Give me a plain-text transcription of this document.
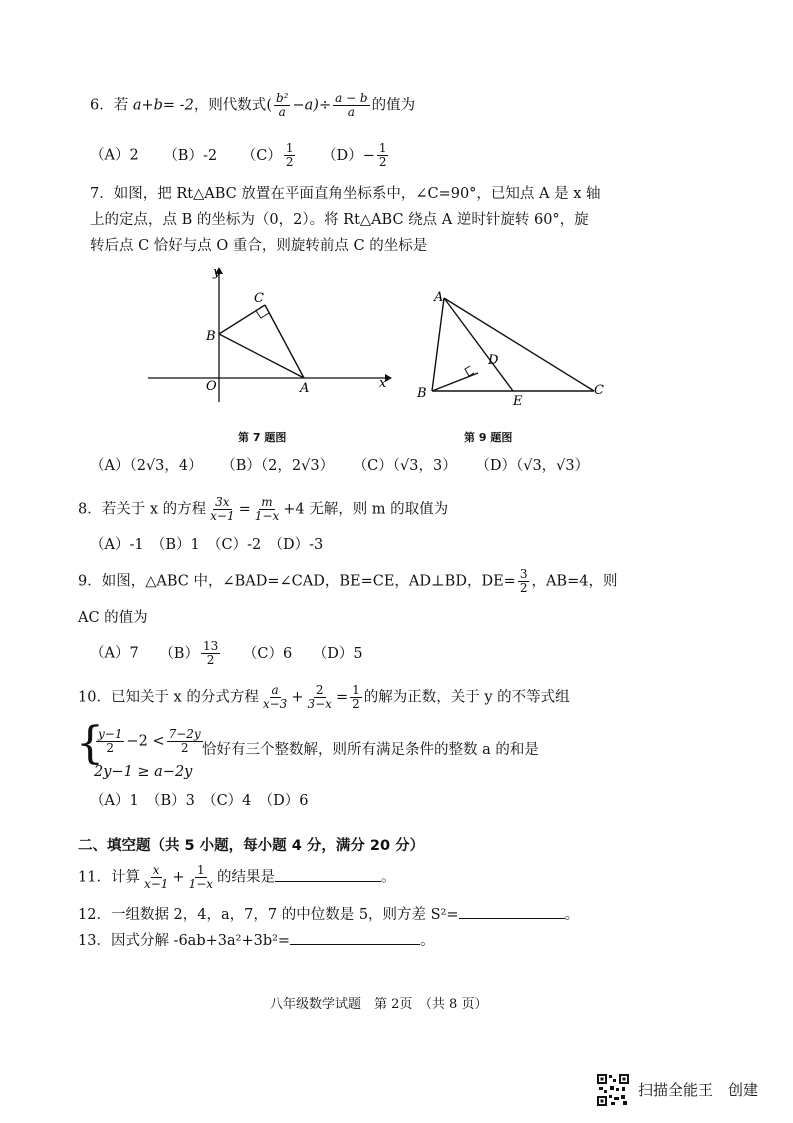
6．若 a+b= -2，则代数式( $\frac{\text{b²}}{a} -a)\div \frac{a - b}{a}$ 的值为
（A）2 （B）-2 $(C) \frac{1}{2} (D)- \frac{1}{2}$
7．如图，把 Rt△ABC 放置在平面直角坐标系中，∠C=90°，已知点 A 是 x 轴
上的定点，点 B 的坐标为（0，2）。将 Rt△ABC 绕点 A 逆时针旋转 60°，旋
转后点 C 恰好与点 O 重合，则旋转前点 C 的坐标是
y
x
O	A
B
C
第 7 题图
A
B	C
D
E
第 9 题图
（A）（2√3，4） （B）（2，2√3） （C）（√3，3） （D）（√3，√3）
8．若关于 x 的方程 $\frac{3x}{x-1} = \frac{m}{1-x} +4$ 无解，则 m 的取值为
（A）-1　（B）1　（C）-2　（D）-3
9．如图，△ABC 中，∠BAD=∠CAD，BE=CE，AD⊥BD，$DE= \frac{3}{2}$ ，AB=4，则
AC 的值为
（A）7 $(B) \frac{13}{2} (C)6$ （D）5
10．已知关于 x 的分式方程 $\frac{a}{x-3} + \frac{2}{3-x} = \frac{1}{2}$ 的解为正数，关于 y 的不等式组
{
$\frac{y-1}{2} -2 < \frac{7-2y}{2}$ 恰好有三个整数解，则所有满足条件的整数 a 的和是
2y−1 ≥ a−2y
（A）1　（B）3　（C）4　（D）6
二、填空题（共 5 小题，每小题 4 分，满分 20 分）
11．计算 $\frac{x}{x-1} + \frac{1}{1-x}$ 的结果是	。
12．一组数据 2，4，a，7，7 的中位数是 5，则方差 S²=	。
13．因式分解 -6ab+3a²+3b²=	。
八年级数学试题　第 2页　（共 8 页）
扫描全能王　创建
